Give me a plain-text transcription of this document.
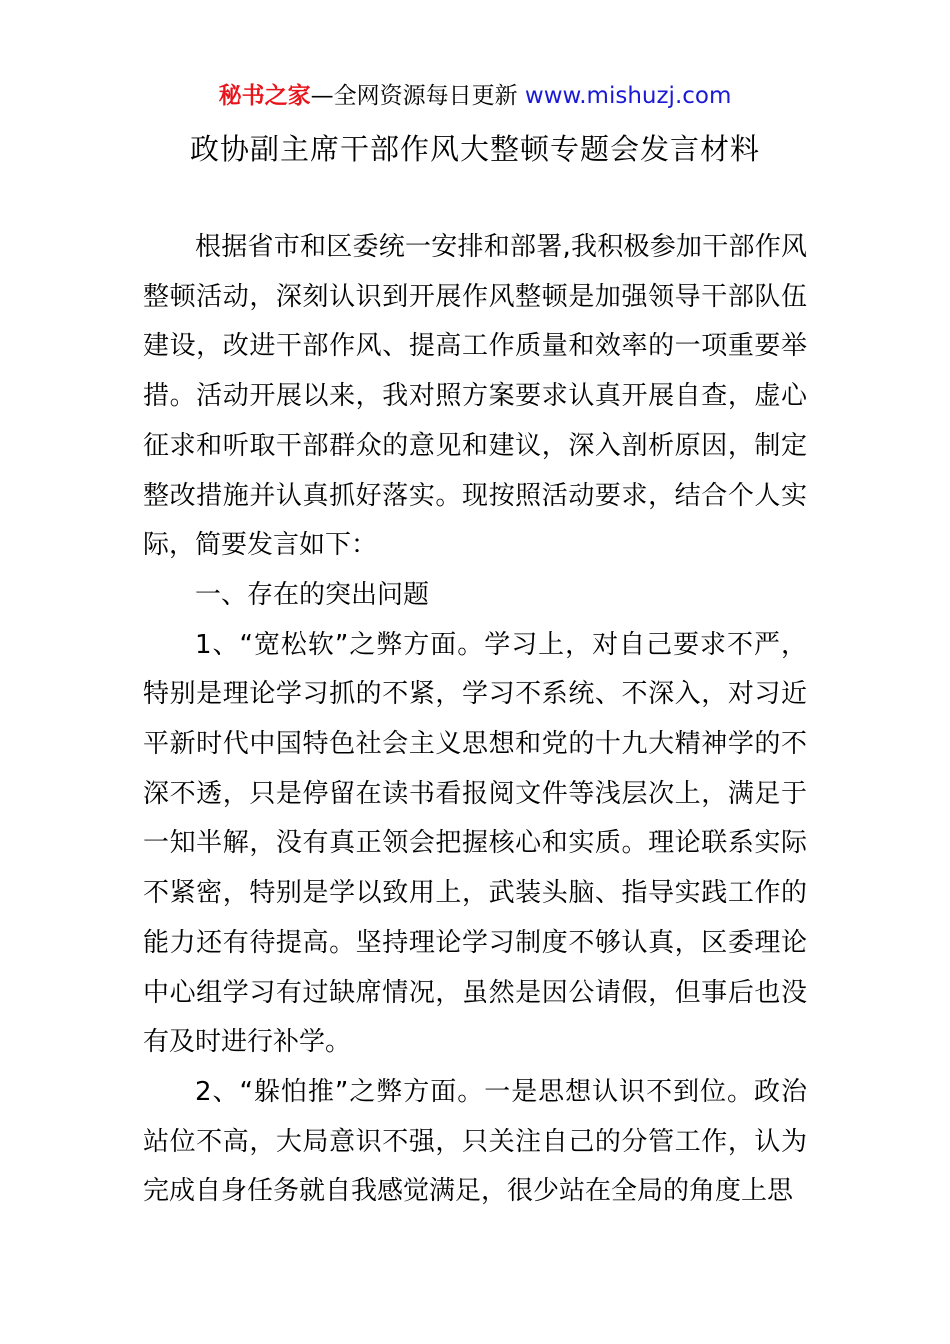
秘书之家—全网资源每日更新 www.mishuzj.com
政协副主席干部作风大整顿专题会发言材料

根据省市和区委统一安排和部署,我积极参加干部作风整顿活动，深刻认识到开展作风整顿是加强领导干部队伍建设，改进干部作风、提高工作质量和效率的一项重要举措。活动开展以来，我对照方案要求认真开展自查，虚心征求和听取干部群众的意见和建议，深入剖析原因，制定整改措施并认真抓好落实。现按照活动要求，结合个人实际，简要发言如下：

一、存在的突出问题

1、“宽松软”之弊方面。学习上，对自己要求不严，特别是理论学习抓的不紧，学习不系统、不深入，对习近平新时代中国特色社会主义思想和党的十九大精神学的不深不透，只是停留在读书看报阅文件等浅层次上，满足于一知半解，没有真正领会把握核心和实质。理论联系实际不紧密，特别是学以致用上，武装头脑、指导实践工作的能力还有待提高。坚持理论学习制度不够认真，区委理论中心组学习有过缺席情况，虽然是因公请假，但事后也没有及时进行补学。

2、“躲怕推”之弊方面。一是思想认识不到位。政治站位不高，大局意识不强，只关注自己的分管工作，认为完成自身任务就自我感觉满足，很少站在全局的角度上思
